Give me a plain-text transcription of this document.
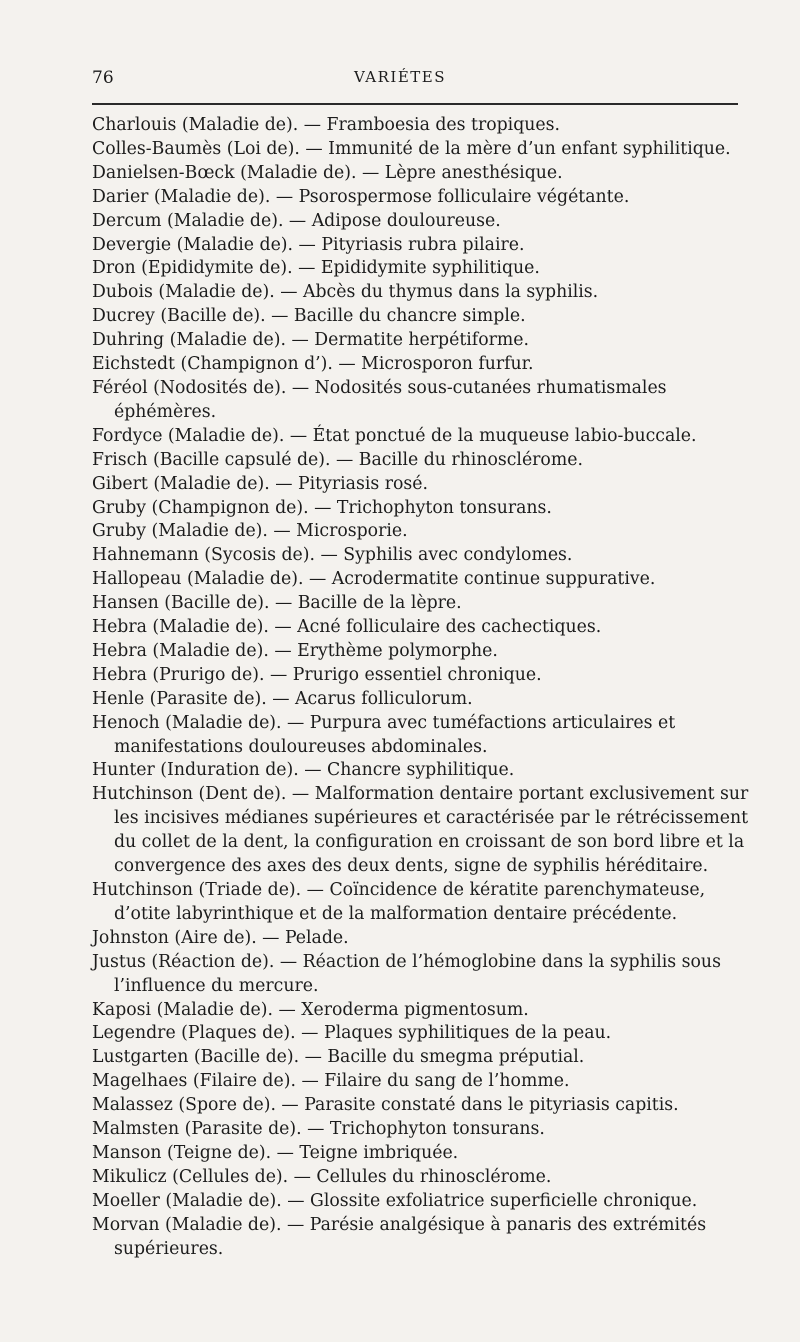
76	VARIÉTES
Charlouis (Maladie de). — Framboesia des tropiques.
Colles-Baumès (Loi de). — Immunité de la mère d’un enfant syphilitique.
Danielsen-Bœck (Maladie de). — Lèpre anesthésique.
Darier (Maladie de). — Psorospermose folliculaire végétante.
Dercum (Maladie de). — Adipose douloureuse.
Devergie (Maladie de). — Pityriasis rubra pilaire.
Dron (Epididymite de). — Epididymite syphilitique.
Dubois (Maladie de). — Abcès du thymus dans la syphilis.
Ducrey (Bacille de). — Bacille du chancre simple.
Duhring (Maladie de). — Dermatite herpétiforme.
Eichstedt (Champignon d’). — Microsporon furfur.
Féréol (Nodosités de). — Nodosités sous-cutanées rhumatismales éphémères.
Fordyce (Maladie de). — État ponctué de la muqueuse labio-buccale.
Frisch (Bacille capsulé de). — Bacille du rhinosclérome.
Gibert (Maladie de). — Pityriasis rosé.
Gruby (Champignon de). — Trichophyton tonsurans.
Gruby (Maladie de). — Microsporie.
Hahnemann (Sycosis de). — Syphilis avec condylomes.
Hallopeau (Maladie de). — Acrodermatite continue suppurative.
Hansen (Bacille de). — Bacille de la lèpre.
Hebra (Maladie de). — Acné folliculaire des cachectiques.
Hebra (Maladie de). — Erythème polymorphe.
Hebra (Prurigo de). — Prurigo essentiel chronique.
Henle (Parasite de). — Acarus folliculorum.
Henoch (Maladie de). — Purpura avec tuméfactions articulaires et manifestations douloureuses abdominales.
Hunter (Induration de). — Chancre syphilitique.
Hutchinson (Dent de). — Malformation dentaire portant exclusivement sur les incisives médianes supérieures et caractérisée par le rétrécissement du collet de la dent, la configuration en croissant de son bord libre et la convergence des axes des deux dents, signe de syphilis héréditaire.
Hutchinson (Triade de). — Coïncidence de kératite parenchymateuse, d’otite labyrinthique et de la malformation dentaire précédente.
Johnston (Aire de). — Pelade.
Justus (Réaction de). — Réaction de l’hémoglobine dans la syphilis sous l’influence du mercure.
Kaposi (Maladie de). — Xeroderma pigmentosum.
Legendre (Plaques de). — Plaques syphilitiques de la peau.
Lustgarten (Bacille de). — Bacille du smegma préputial.
Magelhaes (Filaire de). — Filaire du sang de l’homme.
Malassez (Spore de). — Parasite constaté dans le pityriasis capitis.
Malmsten (Parasite de). — Trichophyton tonsurans.
Manson (Teigne de). — Teigne imbriquée.
Mikulicz (Cellules de). — Cellules du rhinosclérome.
Moeller (Maladie de). — Glossite exfoliatrice superficielle chronique.
Morvan (Maladie de). — Parésie analgésique à panaris des extrémités supérieures.
